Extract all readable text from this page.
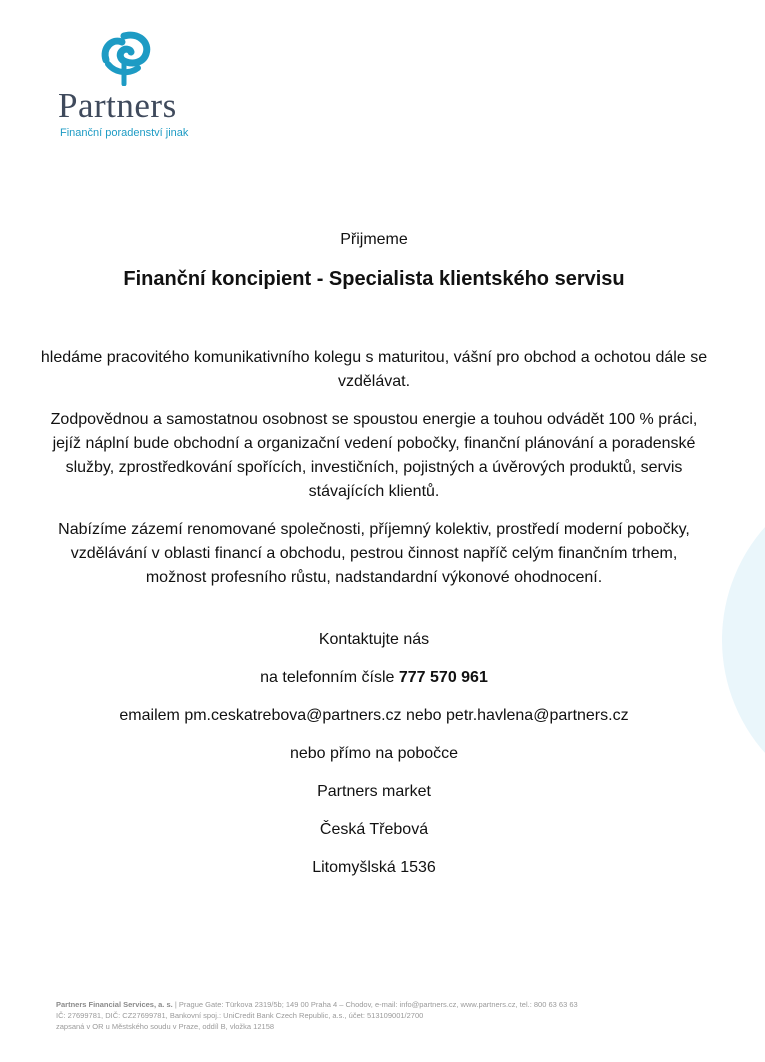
Partners
Finanční poradenství jinak
Přijmeme
Finanční koncipient - Specialista klientského servisu
hledáme pracovitého komunikativního kolegu s maturitou, vášní pro obchod a ochotou dále se vzdělávat.
Zodpovědnou a samostatnou osobnost se spoustou energie a touhou odvádět 100 % práci, jejíž náplní bude obchodní a organizační vedení pobočky, finanční plánování a poradenské služby, zprostředkování spořících, investičních, pojistných a úvěrových produktů, servis stávajících klientů.
Nabízíme zázemí renomované společnosti, příjemný kolektiv, prostředí moderní pobočky, vzdělávání v oblasti financí a obchodu, pestrou činnost napříč celým finančním trhem, možnost profesního růstu, nadstandardní výkonové ohodnocení.
Kontaktujte nás
na telefonním čísle 777 570 961
emailem pm.ceskatrebova@partners.cz nebo petr.havlena@partners.cz
nebo přímo na pobočce
Partners market
Česká Třebová
Litomyšlská 1536
Partners Financial Services, a. s. | Prague Gate: Türkova 2319/5b; 149 00 Praha 4 – Chodov, e-mail: info@partners.cz, www.partners.cz, tel.: 800 63 63 63
IČ: 27699781, DIČ: CZ27699781, Bankovní spoj.: UniCredit Bank Czech Republic, a.s., účet: 513109001/2700
zapsaná v OR u Městského soudu v Praze, oddíl B, vložka 12158
